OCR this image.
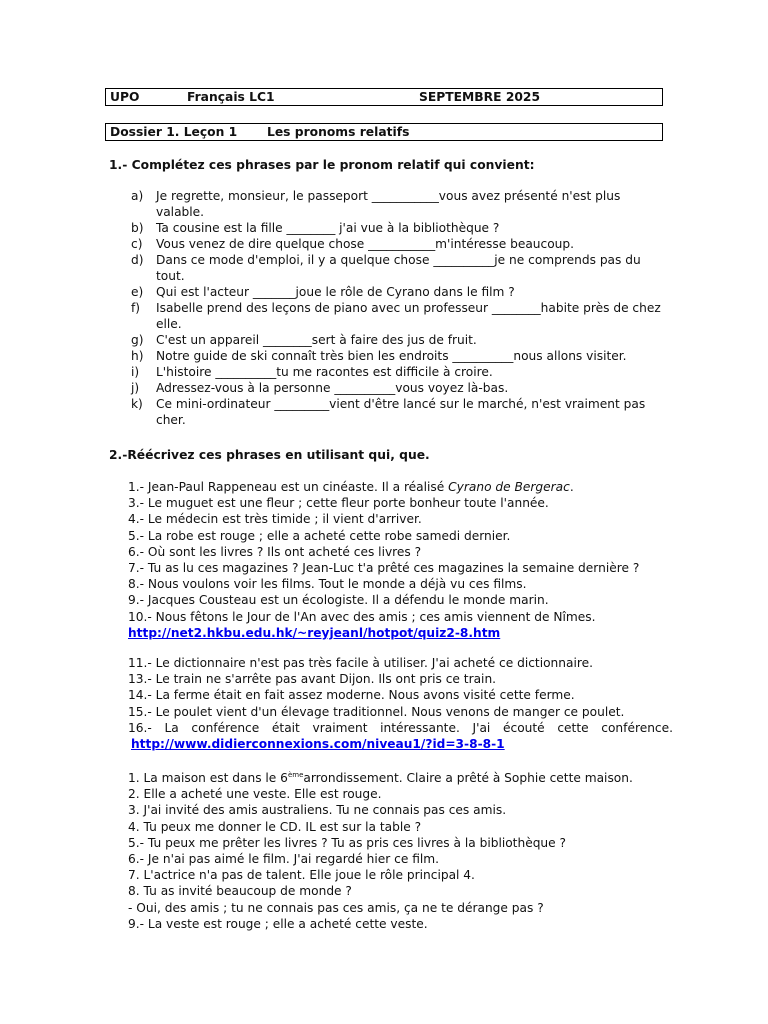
UPO	Français LC1	SEPTEMBRE 2025
Dossier 1. Leçon 1 Les pronoms relatifs
1.- Complétez ces phrases par le pronom relatif qui convient:
a)	Je regrette, monsieur, le passeport ___________vous avez présenté n'est plus valable.
b)	Ta cousine est la fille ________ j'ai vue à la bibliothèque ?
c)	Vous venez de dire quelque chose ___________m'intéresse beaucoup.
d)	Dans ce mode d'emploi, il y a quelque chose __________je ne comprends pas du tout.
e)	Qui est l'acteur _______joue le rôle de Cyrano dans le film ?
f)	Isabelle prend des leçons de piano avec un professeur ________habite près de chez elle.
g)	C'est un appareil ________sert à faire des jus de fruit.
h)	Notre guide de ski connaît très bien les endroits __________nous allons visiter.
i)	L'histoire __________tu me racontes est difficile à croire.
j)	Adressez-vous à la personne __________vous voyez là-bas.
k)	Ce mini-ordinateur _________vient d'être lancé sur le marché, n'est vraiment pas cher.
2.-Réécrivez ces phrases en utilisant qui, que.
1.- Jean-Paul Rappeneau est un cinéaste. Il a réalisé Cyrano de Bergerac.
3.- Le muguet est une fleur ; cette fleur porte bonheur toute l'année.
4.- Le médecin est très timide ; il vient d'arriver.
5.- La robe est rouge ; elle a acheté cette robe samedi dernier.
6.- Où sont les livres ? Ils ont acheté ces livres ?
7.- Tu as lu ces magazines ? Jean-Luc t'a prêté ces magazines la semaine dernière ?
8.- Nous voulons voir les films. Tout le monde a déjà vu ces films.
9.- Jacques Cousteau est un écologiste. Il a défendu le monde marin.
10.- Nous fêtons le Jour de l'An avec des amis ; ces amis viennent de Nîmes.
http://net2.hkbu.edu.hk/~reyjeanl/hotpot/quiz2-8.htm
11.- Le dictionnaire n'est pas très facile à utiliser. J'ai acheté ce dictionnaire.
13.- Le train ne s'arrête pas avant Dijon. Ils ont pris ce train.
14.- La ferme était en fait assez moderne. Nous avons visité cette ferme.
15.- Le poulet vient d'un élevage traditionnel. Nous venons de manger ce poulet.
16.- La conférence était vraiment intéressante. J'ai écouté cette conférence.
http://www.didierconnexions.com/niveau1/?id=3-8-8-1
1. La maison est dans le 6èmearrondissement. Claire a prêté à Sophie cette maison.
2. Elle a acheté une veste. Elle est rouge.
3. J'ai invité des amis australiens. Tu ne connais pas ces amis.
4. Tu peux me donner le CD. IL est sur la table ?
5.- Tu peux me prêter les livres ? Tu as pris ces livres à la bibliothèque ?
6.- Je n'ai pas aimé le film. J'ai regardé hier ce film.
7. L'actrice n'a pas de talent. Elle joue le rôle principal 4.
8. Tu as invité beaucoup de monde ?
- Oui, des amis ; tu ne connais pas ces amis, ça ne te dérange pas ?
9.- La veste est rouge ; elle a acheté cette veste.
